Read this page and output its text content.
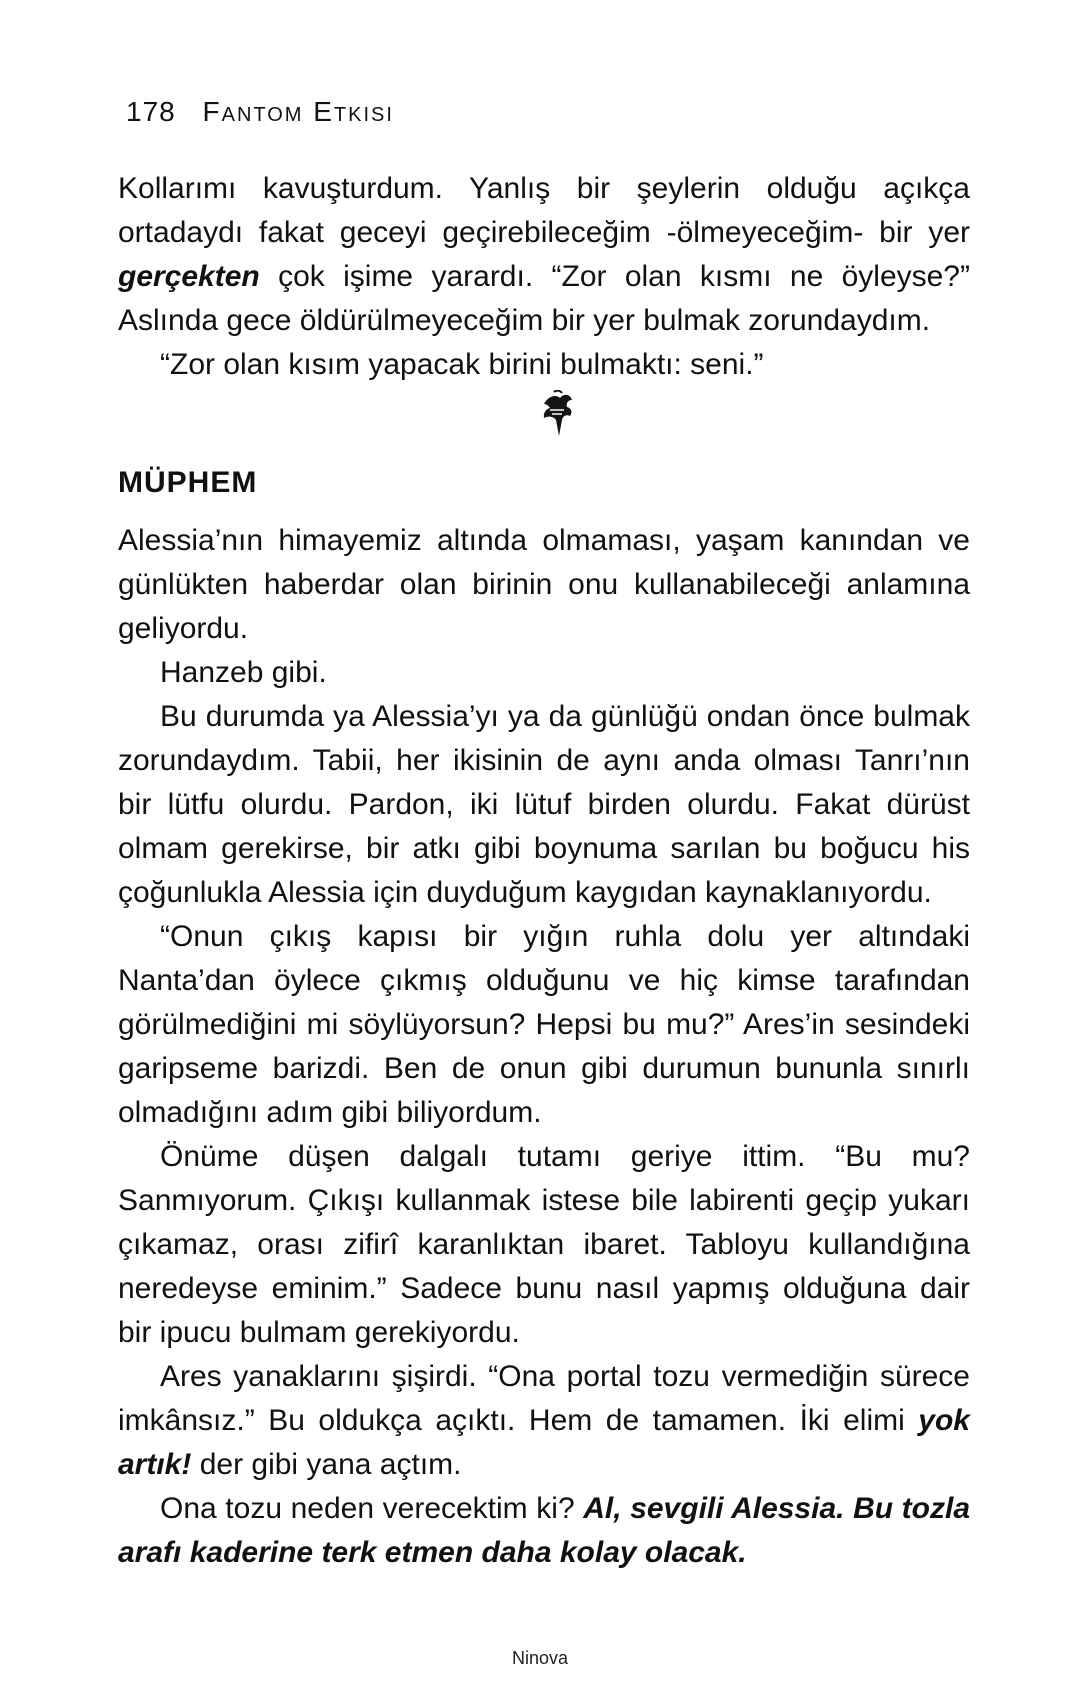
178 Fantom Etkisi

Kollarımı kavuşturdum. Yanlış bir şeylerin olduğu açıkça ortadaydı fakat geceyi geçirebileceğim -ölmeyeceğim- bir yer gerçekten çok işime yarardı. “Zor olan kısmı ne öyleyse?” Aslında gece öldürülmeyeceğim bir yer bulmak zorundaydım.

“Zor olan kısım yapacak birini bulmaktı: seni.”

MÜPHEM

Alessia’nın himayemiz altında olmaması, yaşam kanından ve günlükten haberdar olan birinin onu kullanabileceği anlamına geliyordu.

Hanzeb gibi.

Bu durumda ya Alessia’yı ya da günlüğü ondan önce bulmak zorundaydım. Tabii, her ikisinin de aynı anda olması Tanrı’nın bir lütfu olurdu. Pardon, iki lütuf birden olurdu. Fakat dürüst olmam gerekirse, bir atkı gibi boynuma sarılan bu boğucu his çoğunlukla Alessia için duyduğum kaygıdan kaynaklanıyordu.

“Onun çıkış kapısı bir yığın ruhla dolu yer altındaki Nanta’dan öylece çıkmış olduğunu ve hiç kimse tarafından görülmediğini mi söylüyorsun? Hepsi bu mu?” Ares’in sesindeki garipseme barizdi. Ben de onun gibi durumun bununla sınırlı olmadığını adım gibi biliyordum.

Önüme düşen dalgalı tutamı geriye ittim. “Bu mu? Sanmıyorum. Çıkışı kullanmak istese bile labirenti geçip yukarı çıkamaz, orası zifirî karanlıktan ibaret. Tabloyu kullandığına neredeyse eminim.” Sadece bunu nasıl yapmış olduğuna dair bir ipucu bulmam gerekiyordu.

Ares yanaklarını şişirdi. “Ona portal tozu vermediğin sürece imkânsız.” Bu oldukça açıktı. Hem de tamamen. İki elimi yok artık! der gibi yana açtım.

Ona tozu neden verecektim ki? Al, sevgili Alessia. Bu tozla arafı kaderine terk etmen daha kolay olacak.

Ninova
